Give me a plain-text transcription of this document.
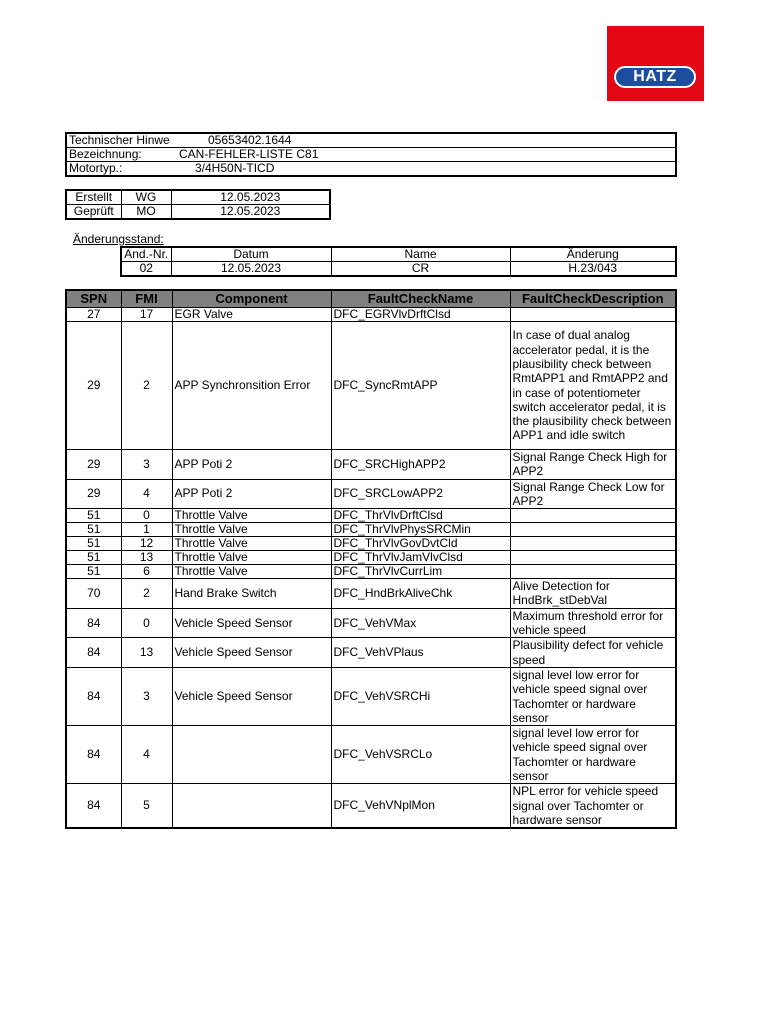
HATZ
Technischer Hinwe	05653402.1644
Bezeichnung:	CAN-FEHLER-LISTE C81
Motortyp.:	3/4H50N-TICD
Erstellt	WG	12.05.2023
Geprüft	MO	12.05.2023
Änderungsstand:
And.-Nr.	Datum	Name	Änderung
02	12.05.2023	CR	H.23/043
SPN	FMI	Component	FaultCheckName	FaultCheckDescription
27	17	EGR Valve	DFC_EGRVlvDrftClsd	
29	2	APP Synchronsition Error	DFC_SyncRmtAPP	In case of dual analog accelerator pedal, it is the plausibility check between RmtAPP1 and RmtAPP2 and in case of potentiometer switch accelerator pedal, it is the plausibility check between APP1 and idle switch
29	3	APP Poti 2	DFC_SRCHighAPP2	Signal Range Check High for APP2
29	4	APP Poti 2	DFC_SRCLowAPP2	Signal Range Check Low for APP2
51	0	Throttle Valve	DFC_ThrVlvDrftClsd	
51	1	Throttle Valve	DFC_ThrVlvPhysSRCMin	
51	12	Throttle Valve	DFC_ThrVlvGovDvtCld	
51	13	Throttle Valve	DFC_ThrVlvJamVlvClsd	
51	6	Throttle Valve	DFC_ThrVlvCurrLim	
70	2	Hand Brake Switch	DFC_HndBrkAliveChk	Alive Detection for HndBrk_stDebVal
84	0	Vehicle Speed Sensor	DFC_VehVMax	Maximum threshold error for vehicle speed
84	13	Vehicle Speed Sensor	DFC_VehVPlaus	Plausibility defect for vehicle speed
84	3	Vehicle Speed Sensor	DFC_VehVSRCHi	signal level low error for vehicle speed signal over Tachomter or hardware sensor
84	4		DFC_VehVSRCLo	signal level low error for vehicle speed signal over Tachomter or hardware sensor
84	5		DFC_VehVNplMon	NPL error for vehicle speed signal over Tachomter or hardware sensor
